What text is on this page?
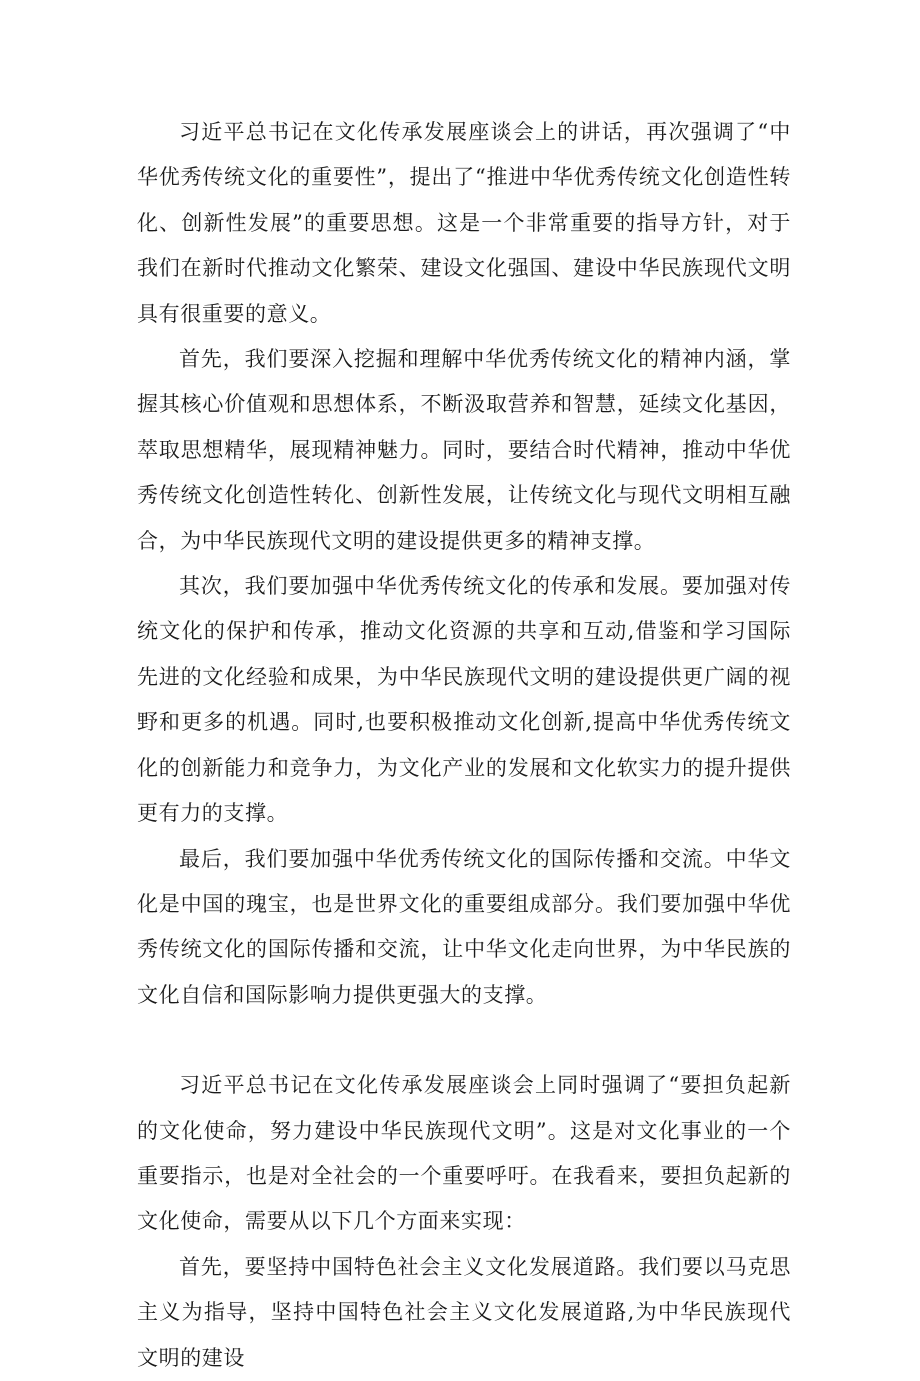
习近平总书记在文化传承发展座谈会上的讲话，再次强调了“中华优秀传统文化的重要性”，提出了“推进中华优秀传统文化创造性转化、创新性发展”的重要思想。这是一个非常重要的指导方针，对于我们在新时代推动文化繁荣、建设文化强国、建设中华民族现代文明具有很重要的意义。

首先，我们要深入挖掘和理解中华优秀传统文化的精神内涵，掌握其核心价值观和思想体系，不断汲取营养和智慧，延续文化基因，萃取思想精华，展现精神魅力。同时，要结合时代精神，推动中华优秀传统文化创造性转化、创新性发展，让传统文化与现代文明相互融合，为中华民族现代文明的建设提供更多的精神支撑。

其次，我们要加强中华优秀传统文化的传承和发展。要加强对传统文化的保护和传承，推动文化资源的共享和互动,借鉴和学习国际先进的文化经验和成果，为中华民族现代文明的建设提供更广阔的视野和更多的机遇。同时,也要积极推动文化创新,提高中华优秀传统文化的创新能力和竞争力，为文化产业的发展和文化软实力的提升提供更有力的支撑。

最后，我们要加强中华优秀传统文化的国际传播和交流。中华文化是中国的瑰宝，也是世界文化的重要组成部分。我们要加强中华优秀传统文化的国际传播和交流，让中华文化走向世界，为中华民族的文化自信和国际影响力提供更强大的支撑。

习近平总书记在文化传承发展座谈会上同时强调了“要担负起新的文化使命，努力建设中华民族现代文明”。这是对文化事业的一个重要指示，也是对全社会的一个重要呼吁。在我看来，要担负起新的文化使命，需要从以下几个方面来实现：

首先，要坚持中国特色社会主义文化发展道路。我们要以马克思主义为指导，坚持中国特色社会主义文化发展道路,为中华民族现代文明的建设
